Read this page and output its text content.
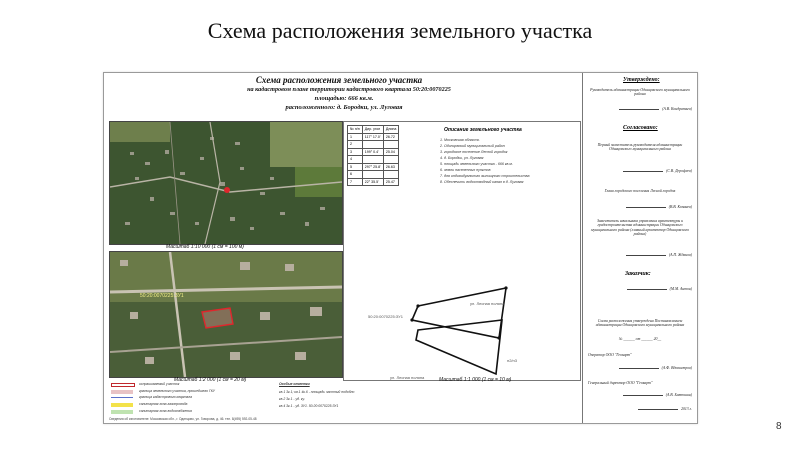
Схема расположения земельного участка
Схема расположения земельного участка
на кадастровом плане территории кадастрового квартала 50:20:0070225
площадью: 666 кв.м.
расположенного: д. Бородки, ул. Луговая
Масштаб 1:10 000 (1 см = 100 м)
50:20:0070225:ЗУ1
Масштаб 1:2 000 (1 см = 20 м)
№ п/п	Дир. угол	Длина
1	117° 17.0'	26.72
2		
3	199° 0.4'	25.04
4		
5	297° 25.8'	26.63
6		
7	22° 35.5'	25.47
Описание земельного участка
1. Московская область
2. Одинцовский муниципальный район
3. городское поселение Лесной городок
4. д. Бородки, ул. Луговая
5. площадь земельного участка - 666 кв.м.
6. земли населенных пунктов
7. для индивидуального жилищного строительства
8. Обеспечить водоотводный канал в д. Луговая
50:20:0070225:ЗУ1
ул. Лесная поляна
ул. Лесная поляна
н2/н3
Масштаб 1:1 000 (1 см = 10 м)
Утверждено:
Руководитель администрации Одинцовского муниципального района
(А.В. Кондратьев)
Согласовано:
Первый заместитель руководителя администрации Одинцовского муниципального района
(С.В. Дерофеев)
Глава городского поселения Лесной городок
(В.В. Копанев)
Заместитель начальника управления архитектуры и градостроительства администрации Одинцовского муниципального района (главный архитектор Одинцовского района)
(А.П. Жданов)
Заказчик:
(М.М. Антон)
Схема расположения утверждена Постановлением администрации Одинцовского муниципального района
№ ______ от ______ 20__
Оператор ООО "Геокарт"
(А.Ф. Вдовистров)
Генеральный директор ООО "Геокарт"
(А.В. Батюшин)
2013 г.
испрашиваемый участок
граница земельного участка, прошедшего ГКУ
граница кадастрового квартала
санитарная зона газопровода
санитарная зона водоснабжения
Особые отметки
кв.1 3к.1; кв.1 4к.6 - площадь частный подобно
кв.2 3к.1 - уд. ку.
кв.4 3к.1 - уд. ЗУ1. 50:20:0070225:ЗУ1
Сведения об изготовителе: Московская обл., г. Одинцово, ул. Говорова, д. 46. тел. 8(495) 592-05-48
8
